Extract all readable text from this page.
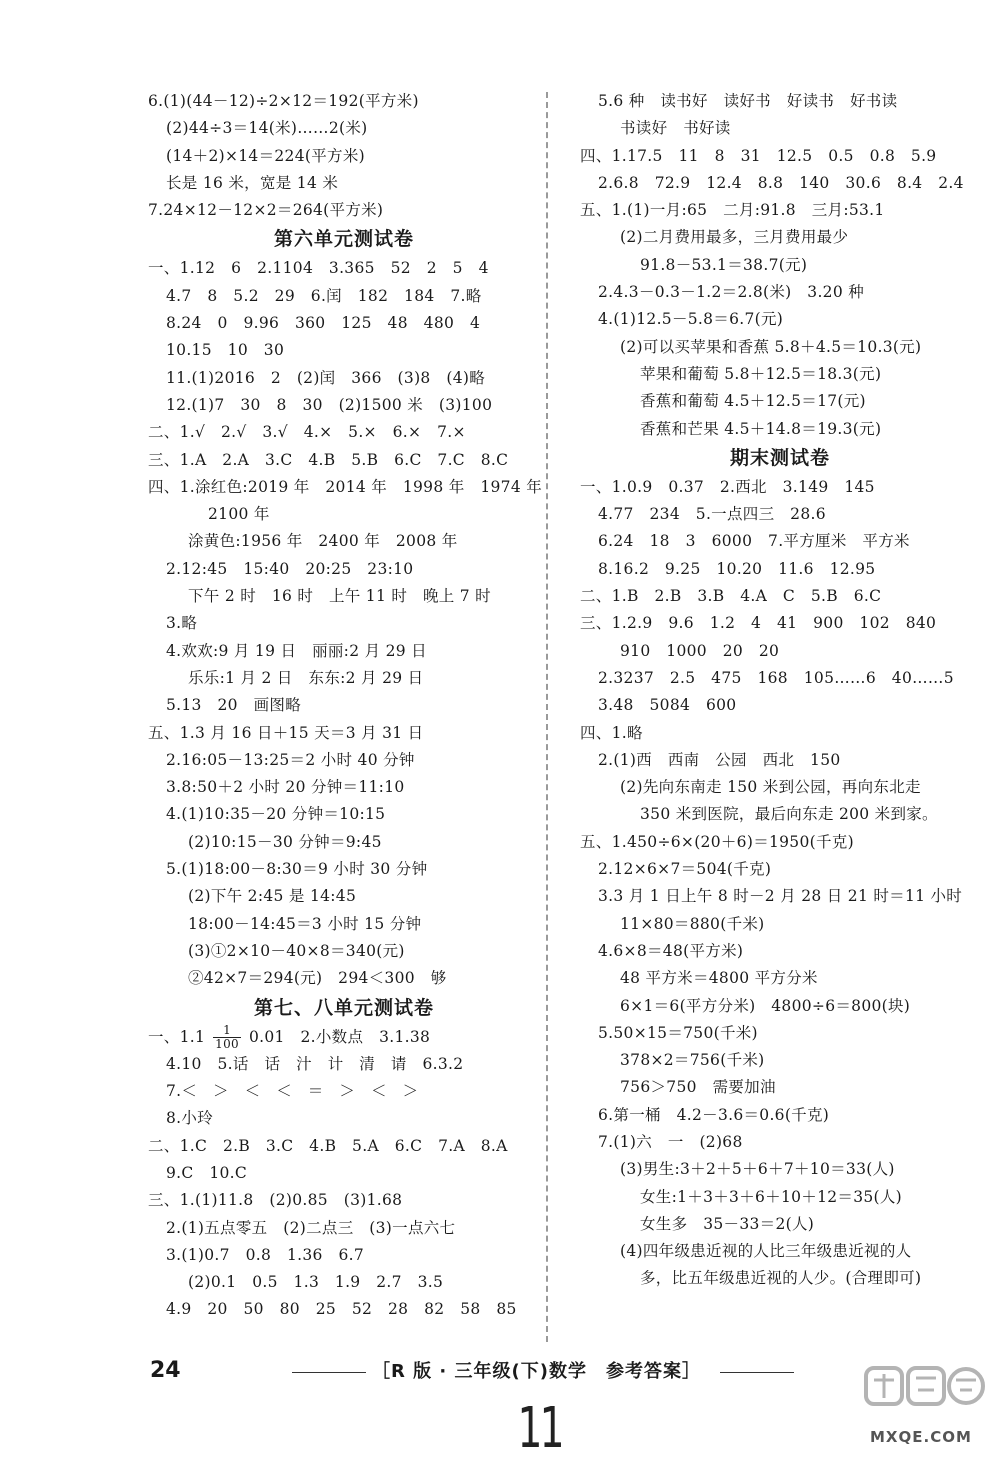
6.(1)(44－12)÷2×12＝192(平方米)
(2)44÷3＝14(米)……2(米)
(14＋2)×14＝224(平方米)
长是 16 米，宽是 14 米
7.24×12－12×2＝264(平方米)
第六单元测试卷
一、1.12　6　2.1104　3.365　52　2　5　4
4.7　8　5.2　29　6.闰　182　184　7.略
8.24　0　9.96　360　125　48　480　4
10.15　10　30
11.(1)2016　2　(2)闰　366　(3)8　(4)略
12.(1)7　30　8　30　(2)1500 米　(3)100
二、1.√　2.√　3.√　4.×　5.×　6.×　7.×
三、1.A　2.A　3.C　4.B　5.B　6.C　7.C　8.C
四、1.涂红色:2019 年　2014 年　1998 年　1974 年
2100 年
涂黄色:1956 年　2400 年　2008 年
2.12:45　15:40　20:25　23:10
下午 2 时　16 时　上午 11 时　晚上 7 时
3.略
4.欢欢:9 月 19 日　丽丽:2 月 29 日
乐乐:1 月 2 日　东东:2 月 29 日
5.13　20　画图略
五、1.3 月 16 日＋15 天＝3 月 31 日
2.16:05－13:25＝2 小时 40 分钟
3.8:50＋2 小时 20 分钟＝11:10
4.(1)10:35－20 分钟＝10:15
(2)10:15－30 分钟＝9:45
5.(1)18:00－8:30＝9 小时 30 分钟
(2)下午 2:45 是 14:45
18:00－14:45＝3 小时 15 分钟
(3)①2×10－40×8＝340(元)
②42×7＝294(元)　294＜300　够
第七、八单元测试卷
一、$1.1 \frac{1}{100} 0.01$　2.小数点　3.1.38
4.10　5.话　话　汁　计　清　请　6.3.2
7.＜　＞　＜　＜　＝　＞　＜　＞
8.小玲
二、1.C　2.B　3.C　4.B　5.A　6.C　7.A　8.A
9.C　10.C
三、1.(1)11.8　(2)0.85　(3)1.68
2.(1)五点零五　(2)二点三　(3)一点六七
3.(1)0.7　0.8　1.36　6.7
(2)0.1　0.5　1.3　1.9　2.7　3.5
4.9　20　50　80　25　52　28　82　58　85
5.6 种　读书好　读好书　好读书　好书读
书读好　书好读
四、1.17.5　11　8　31　12.5　0.5　0.8　5.9
2.6.8　72.9　12.4　8.8　140　30.6　8.4　2.4
五、1.(1)一月:65　二月:91.8　三月:53.1
(2)二月费用最多，三月费用最少
91.8－53.1＝38.7(元)
2.4.3－0.3－1.2＝2.8(米)　3.20 种
4.(1)12.5－5.8＝6.7(元)
(2)可以买苹果和香蕉 5.8＋4.5＝10.3(元)
苹果和葡萄 5.8＋12.5＝18.3(元)
香蕉和葡萄 4.5＋12.5＝17(元)
香蕉和芒果 4.5＋14.8＝19.3(元)
期末测试卷
一、1.0.9　0.37　2.西北　3.149　145
4.77　234　5.一点四三　28.6
6.24　18　3　6000　7.平方厘米　平方米
8.16.2　9.25　10.20　11.6　12.95
二、1.B　2.B　3.B　4.A　C　5.B　6.C
三、1.2.9　9.6　1.2　4　41　900　102　840
910　1000　20　20
2.3237　2.5　475　168　105……6　40……5
3.48　5084　600
四、1.略
2.(1)西　西南　公园　西北　150
(2)先向东南走 150 米到公园，再向东北走
350 米到医院，最后向东走 200 米到家。
五、1.450÷6×(20＋6)＝1950(千克)
2.12×6×7＝504(千克)
3.3 月 1 日上午 8 时－2 月 28 日 21 时＝11 小时
11×80＝880(千米)
4.6×8＝48(平方米)
48 平方米＝4800 平方分米
6×1＝6(平方分米)　4800÷6＝800(块)
5.50×15＝750(千米)
378×2＝756(千米)
756＞750　需要加油
6.第一桶　4.2－3.6＝0.6(千克)
7.(1)六　一　(2)68
(3)男生:3＋2＋5＋6＋7＋10＝33(人)
女生:1＋3＋3＋6＋10＋12＝35(人)
女生多　35－33＝2(人)
(4)四年级患近视的人比三年级患近视的人
多，比五年级患近视的人少。(合理即可)
24	［R 版 · 三年级(下)数学　参考答案］
11	MXQE.COM
